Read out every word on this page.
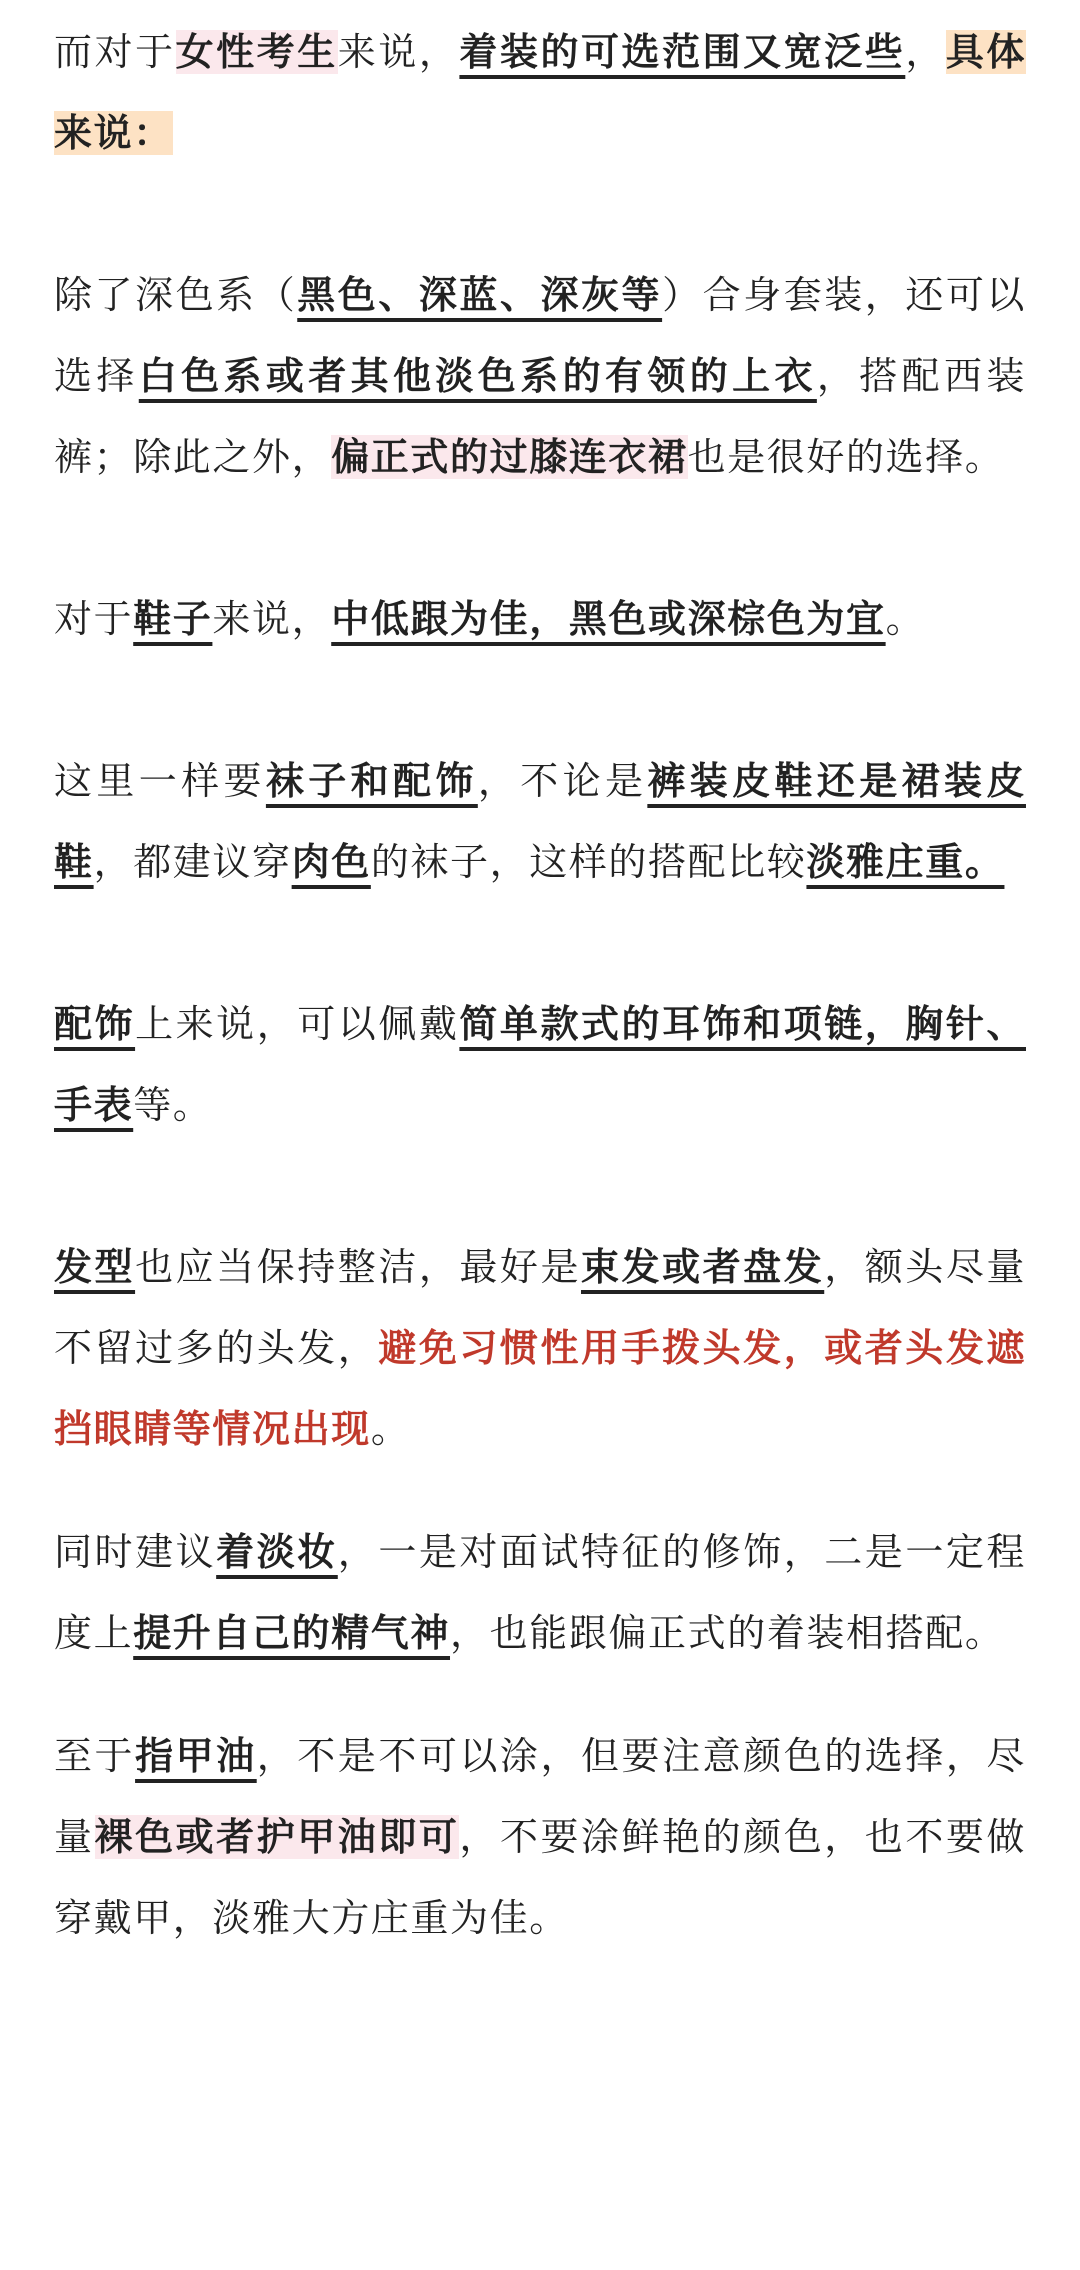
而对于女性考生来说，着装的可选范围又宽泛些，具体来说：

除了深色系（黑色、深蓝、深灰等）合身套装，还可以选择白色系或者其他淡色系的有领的上衣，搭配西装裤；除此之外，偏正式的过膝连衣裙也是很好的选择。

对于鞋子来说，中低跟为佳，黑色或深棕色为宜。

这里一样要袜子和配饰，不论是裤装皮鞋还是裙装皮鞋，都建议穿肉色的袜子，这样的搭配比较淡雅庄重。

配饰上来说，可以佩戴简单款式的耳饰和项链，胸针、手表等。

发型也应当保持整洁，最好是束发或者盘发，额头尽量不留过多的头发，避免习惯性用手拨头发，或者头发遮挡眼睛等情况出现。

同时建议着淡妆，一是对面试特征的修饰，二是一定程度上提升自己的精气神，也能跟偏正式的着装相搭配。

至于指甲油，不是不可以涂，但要注意颜色的选择，尽量裸色或者护甲油即可，不要涂鲜艳的颜色，也不要做穿戴甲，淡雅大方庄重为佳。
